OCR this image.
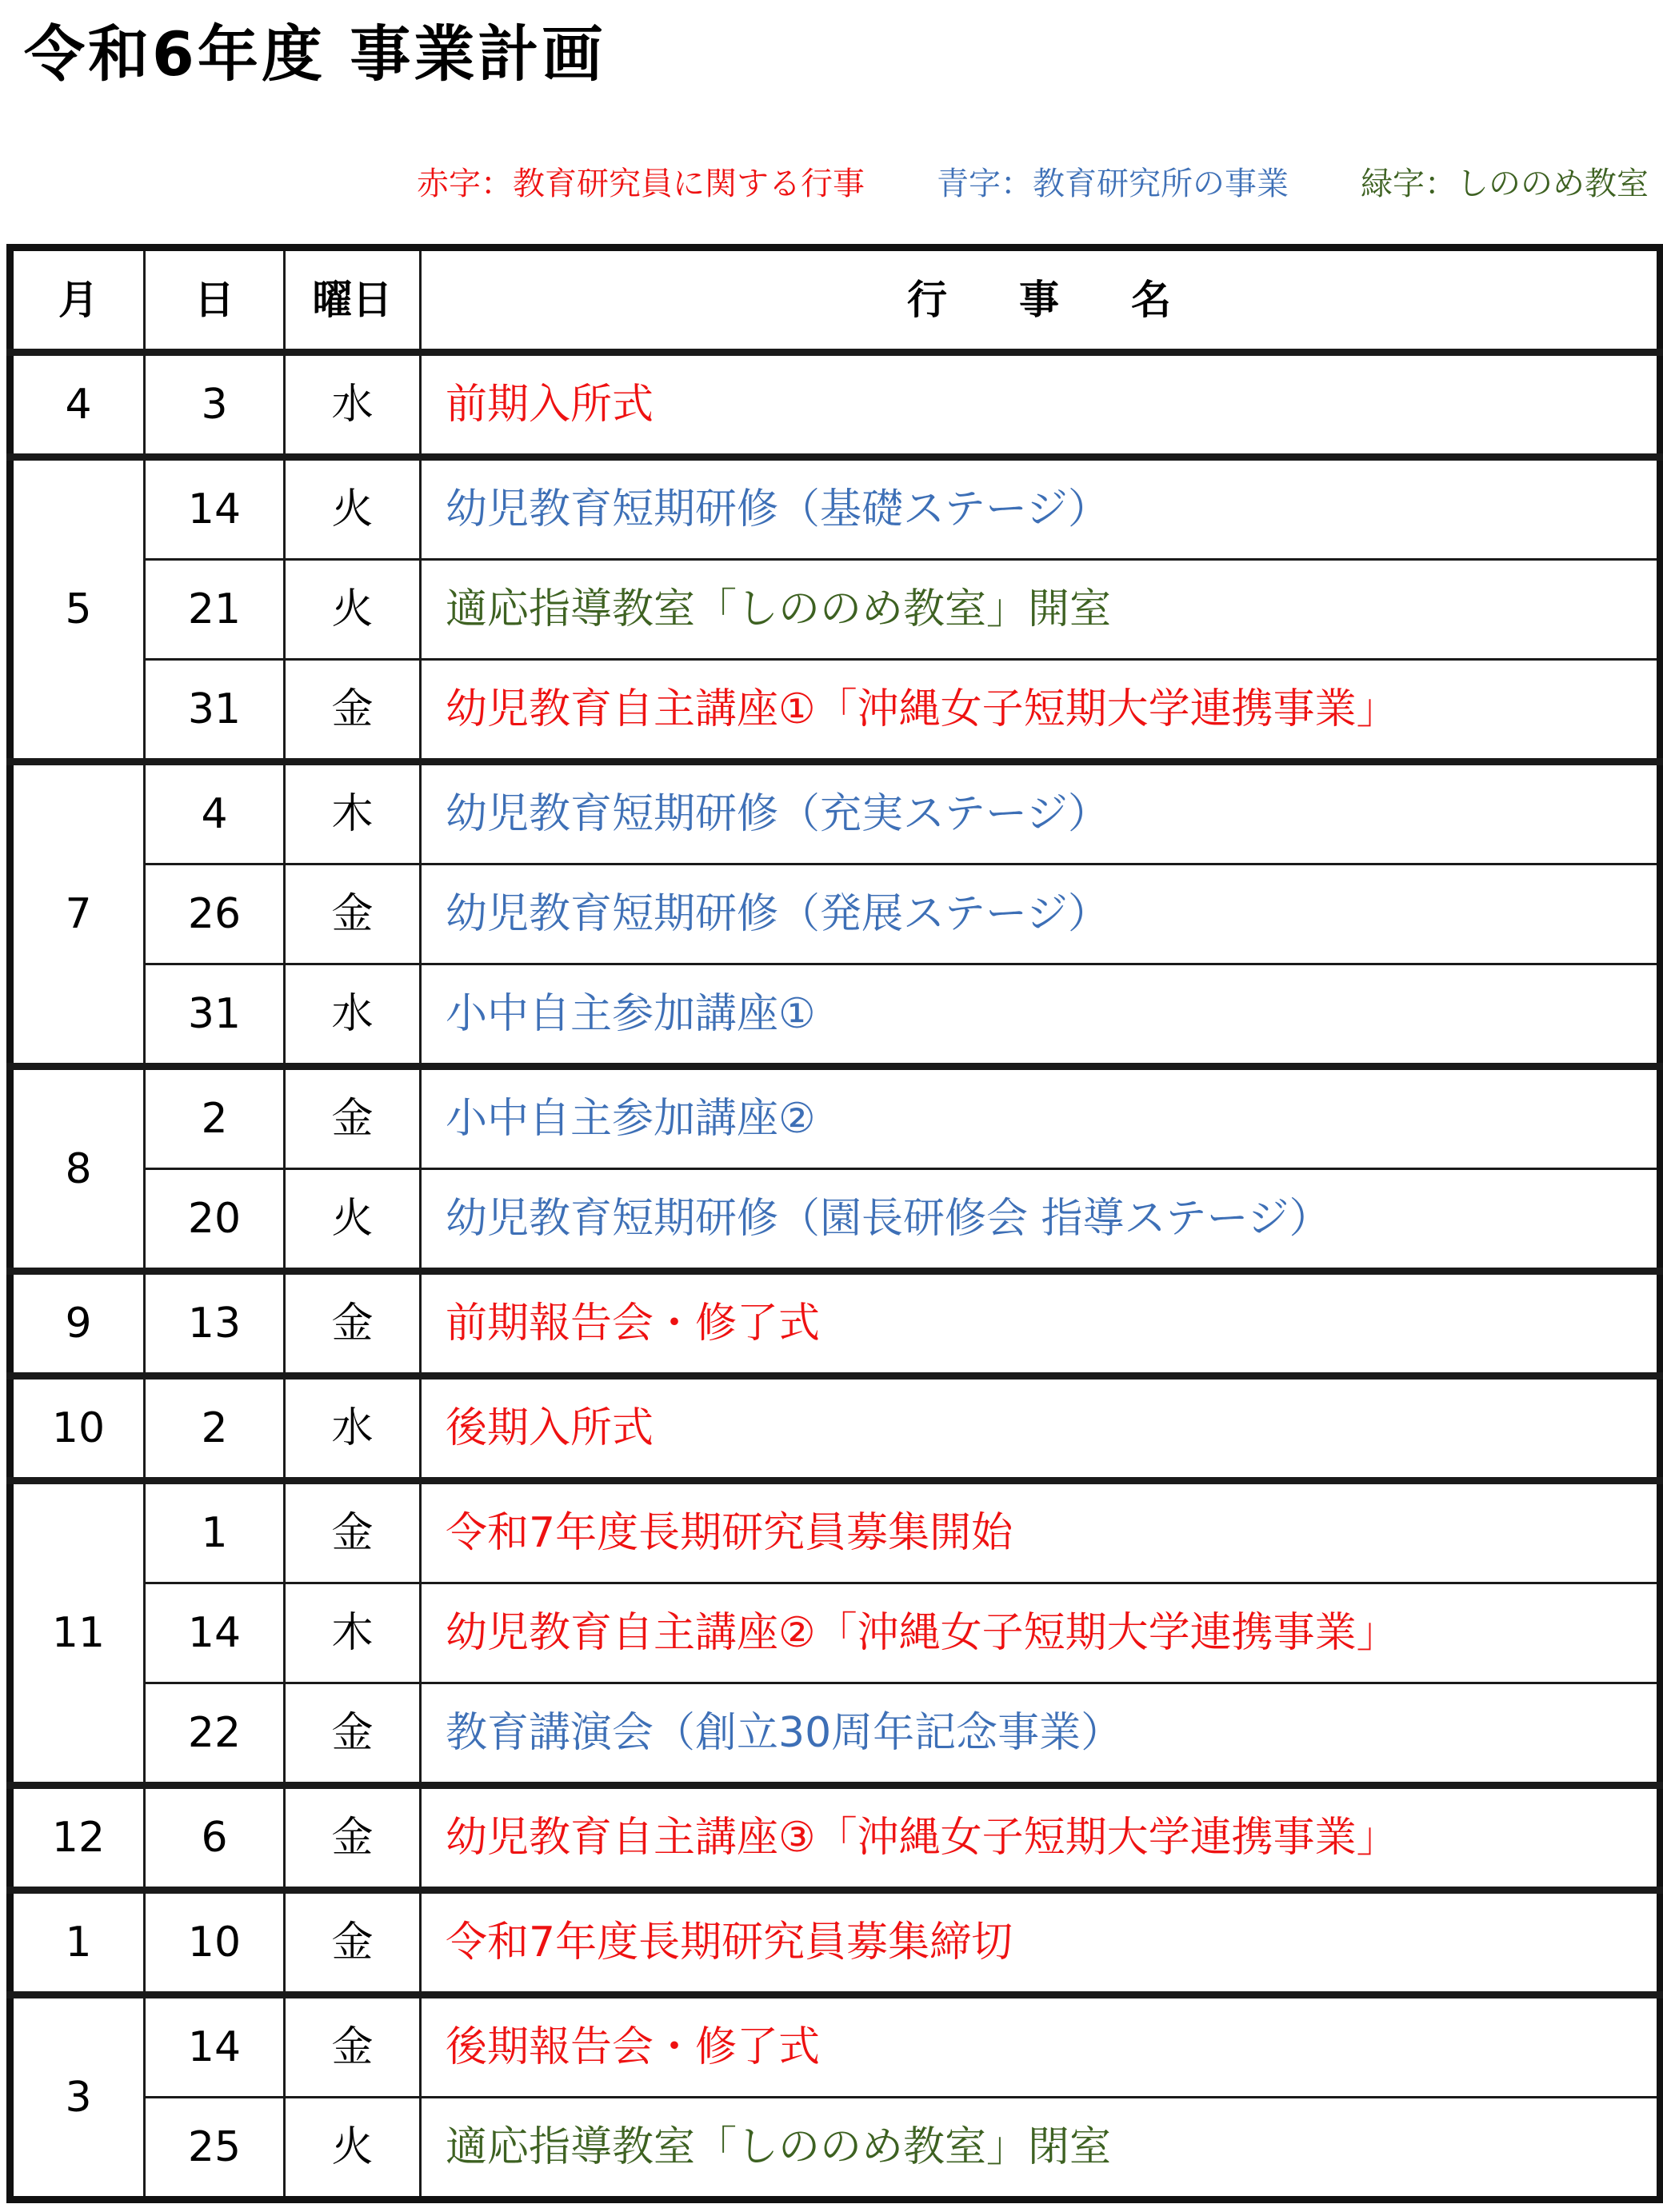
令和6年度 事業計画
赤字：教育研究員に関する行事 青字：教育研究所の事業 緑字：しののめ教室
月	日	曜日	行事名
4	3	水	前期入所式
5	14	火	幼児教育短期研修（基礎ステージ）
	21	火	適応指導教室「しののめ教室」開室
	31	金	幼児教育自主講座①「沖縄女子短期大学連携事業」
7	4	木	幼児教育短期研修（充実ステージ）
	26	金	幼児教育短期研修（発展ステージ）
	31	水	小中自主参加講座①
8	2	金	小中自主参加講座②
	20	火	幼児教育短期研修（園長研修会 指導ステージ）
9	13	金	前期報告会・修了式
10	2	水	後期入所式
11	1	金	令和7年度長期研究員募集開始
	14	木	幼児教育自主講座②「沖縄女子短期大学連携事業」
	22	金	教育講演会（創立30周年記念事業）
12	6	金	幼児教育自主講座③「沖縄女子短期大学連携事業」
1	10	金	令和7年度長期研究員募集締切
3	14	金	後期報告会・修了式
	25	火	適応指導教室「しののめ教室」閉室
